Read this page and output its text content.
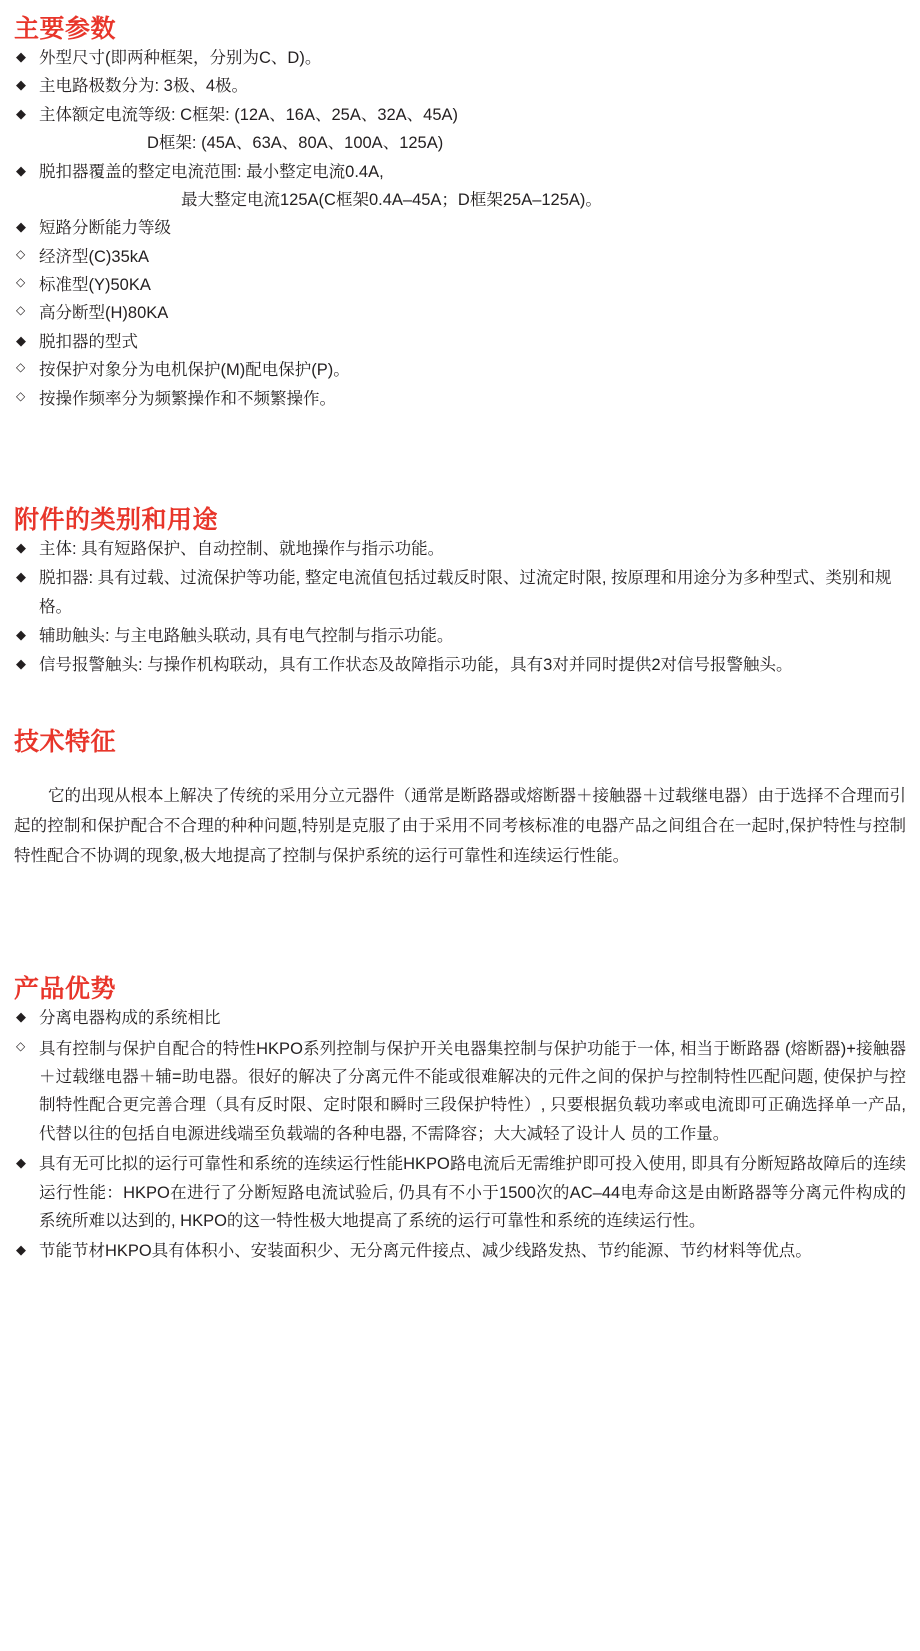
主要参数
◆ 外型尺寸(即两种框架，分别为C、D)。
◆ 主电路极数分为: 3极、4极。
◆ 主体额定电流等级: C框架: (12A、16A、25A、32A、45A)
D框架: (45A、63A、80A、100A、125A)
◆ 脱扣器覆盖的整定电流范围: 最小整定电流0.4A,
最大整定电流125A(C框架0.4A–45A；D框架25A–125A)。
◆ 短路分断能力等级
◇ 经济型(C)35kA
◇ 标准型(Y)50KA
◇ 高分断型(H)80KA
◆ 脱扣器的型式
◇ 按保护对象分为电机保护(M)配电保护(P)。
◇ 按操作频率分为频繁操作和不频繁操作。
附件的类别和用途
◆ 主体: 具有短路保护、自动控制、就地操作与指示功能。
◆ 脱扣器: 具有过载、过流保护等功能, 整定电流值包括过载反时限、过流定时限, 按原理和用途分为多种型式、类别和规格。
◆ 辅助触头: 与主电路触头联动, 具有电气控制与指示功能。
◆ 信号报警触头: 与操作机构联动，具有工作状态及故障指示功能，具有3对并同时提供2对信号报警触头。
技术特征

它的出现从根本上解决了传统的采用分立元器件（通常是断路器或熔断器＋接触器＋过载继电器）由于选择不合理而引起的控制和保护配合不合理的种种问题,特别是克服了由于采用不同考核标准的电器产品之间组合在一起时,保护特性与控制特性配合不协调的现象,极大地提高了控制与保护系统的运行可靠性和连续运行性能。

产品优势
◆ 分离电器构成的系统相比
◇ 具有控制与保护自配合的特性HKPO系列控制与保护开关电器集控制与保护功能于一体, 相当于断路器 (熔断器)+接触器＋过载继电器＋辅=助电器。很好的解决了分离元件不能或很难解决的元件之间的保护与控制特性匹配问题, 使保护与控制特性配合更完善合理（具有反时限、定时限和瞬时三段保护特性）, 只要根据负载功率或电流即可正确选择单一产品, 代替以往的包括自电源进线端至负载端的各种电器, 不需降容；大大减轻了设计人 员的工作量。
◆ 具有无可比拟的运行可靠性和系统的连续运行性能HKPO路电流后无需维护即可投入使用, 即具有分断短路故障后的连续运行性能：HKPO在进行了分断短路电流试验后, 仍具有不小于1500次的AC–44电寿命这是由断路器等分离元件构成的系统所难以达到的, HKPO的这一特性极大地提高了系统的运行可靠性和系统的连续运行性。
◆ 节能节材HKPO具有体积小、安装面积少、无分离元件接点、减少线路发热、节约能源、节约材料等优点。
